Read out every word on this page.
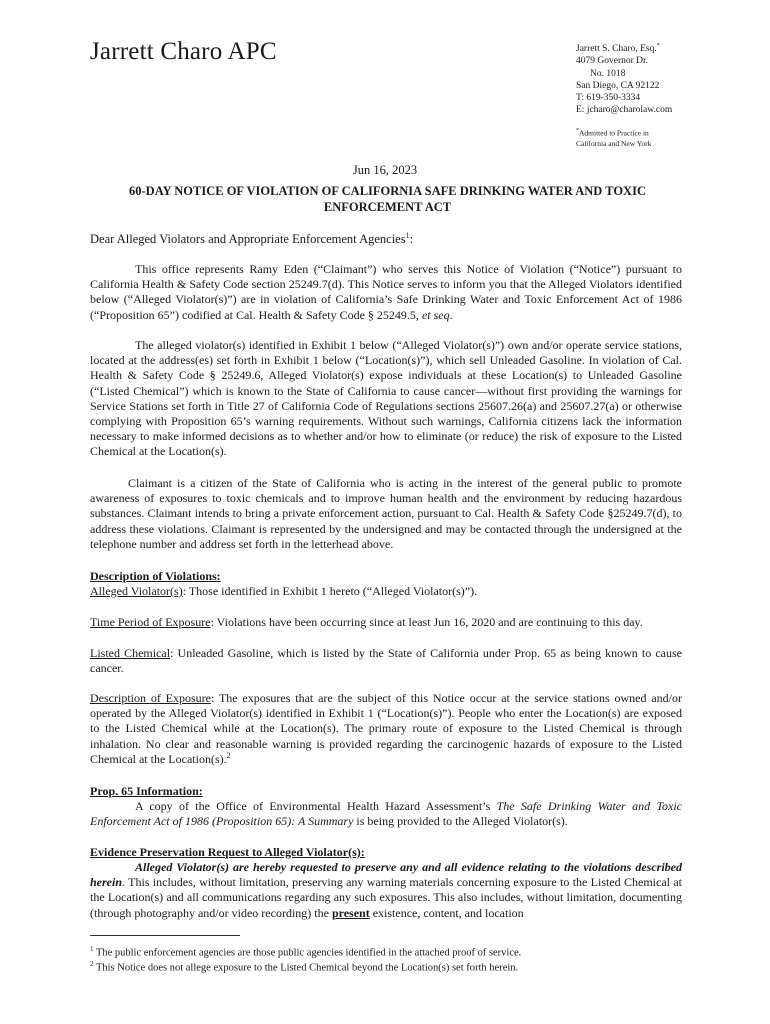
Jarrett Charo APC	Jarrett S. Charo, Esq.*
4079 Governor Dr.
No. 1018
San Diego, CA 92122
T: 619-350-3334
E: jcharo@charolaw.com
*Admitted to Practice in
California and New York
Jun 16, 2023
60-DAY NOTICE OF VIOLATION OF CALIFORNIA SAFE DRINKING WATER AND TOXIC ENFORCEMENT ACT
Dear Alleged Violators and Appropriate Enforcement Agencies$^1$:
This office represents Ramy Eden (“Claimant”) who serves this Notice of Violation (“Notice”) pursuant to California Health & Safety Code section 25249.7(d). This Notice serves to inform you that the Alleged Violators identified below (“Alleged Violator(s)”) are in violation of California’s Safe Drinking Water and Toxic Enforcement Act of 1986 (“Proposition 65”) codified at Cal. Health & Safety Code § 25249.5, et seq.
The alleged violator(s) identified in Exhibit 1 below (“Alleged Violator(s)”) own and/or operate service stations, located at the address(es) set forth in Exhibit 1 below (“Location(s)”), which sell Unleaded Gasoline. In violation of Cal. Health & Safety Code § 25249.6, Alleged Violator(s) expose individuals at these Location(s) to Unleaded Gasoline (“Listed Chemical”) which is known to the State of California to cause cancer—without first providing the warnings for Service Stations set forth in Title 27 of California Code of Regulations sections 25607.26(a) and 25607.27(a) or otherwise complying with Proposition 65’s warning requirements. Without such warnings, California citizens lack the information necessary to make informed decisions as to whether and/or how to eliminate (or reduce) the risk of exposure to the Listed Chemical at the Location(s).
Claimant is a citizen of the State of California who is acting in the interest of the general public to promote awareness of exposures to toxic chemicals and to improve human health and the environment by reducing hazardous substances. Claimant intends to bring a private enforcement action, pursuant to Cal. Health & Safety Code §25249.7(d), to address these violations. Claimant is represented by the undersigned and may be contacted through the undersigned at the telephone number and address set forth in the letterhead above.
Description of Violations:
Alleged Violator(s): Those identified in Exhibit 1 hereto (“Alleged Violator(s)”).
Time Period of Exposure: Violations have been occurring since at least Jun 16, 2020 and are continuing to this day.
Listed Chemical: Unleaded Gasoline, which is listed by the State of California under Prop. 65 as being known to cause cancer.
Description of Exposure: The exposures that are the subject of this Notice occur at the service stations owned and/or operated by the Alleged Violator(s) identified in Exhibit 1 (“Location(s)”). People who enter the Location(s) are exposed to the Listed Chemical while at the Location(s). The primary route of exposure to the Listed Chemical is through inhalation. No clear and reasonable warning is provided regarding the carcinogenic hazards of exposure to the Listed Chemical at the Location(s).$^2$
Prop. 65 Information:
A copy of the Office of Environmental Health Hazard Assessment’s The Safe Drinking Water and Toxic Enforcement Act of 1986 (Proposition 65): A Summary is being provided to the Alleged Violator(s).
Evidence Preservation Request to Alleged Violator(s):
Alleged Violator(s) are hereby requested to preserve any and all evidence relating to the violations described herein. This includes, without limitation, preserving any warning materials concerning exposure to the Listed Chemical at the Location(s) and all communications regarding any such exposures. This also includes, without limitation, documenting (through photography and/or video recording) the present existence, content, and location
$^1$ The public enforcement agencies are those public agencies identified in the attached proof of service.
$^2$ This Notice does not allege exposure to the Listed Chemical beyond the Location(s) set forth herein.
